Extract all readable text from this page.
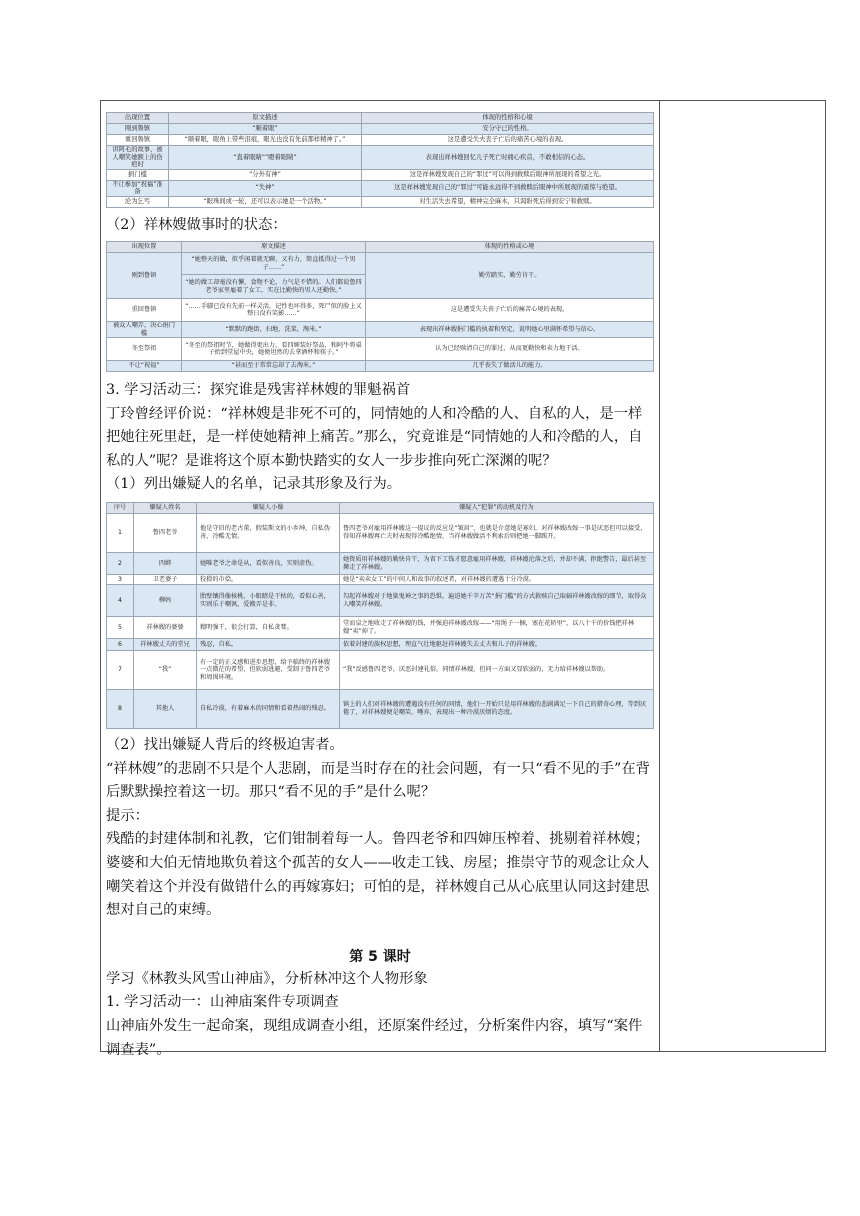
出现位置	原文描述	体现的性格和心境
刚到鲁镇	“顺着眼”	安分守已的性格。
重回鲁镇	“顺着眼，眼角上带些泪痕，眼光也没有先前那样精神了。”	这是遭受失夫丧子亡后的痛苦心境的表现。
讲阿毛的故事，被人嘲笑她额上的伤疤时	“直着眼睛”“瞪着眼睛”	表现出祥林嫂回忆儿子死亡时痛心疾首，不敢相信的心态。
捐门槛	“分外有神”	这是祥林嫂发现自己的“罪过”可以得到救赎后眼神所展现的希望之光。
不让参加“祝福”准备	“失神”	这是祥林嫂发现自己的“罪过”可能永远得不到救赎后眼神中所展现的震惊与绝望。
沦为乞丐	“眼珠间或一轮，还可以表示她是一个活物。”	对生活失去希望，精神完全麻木，只渴盼死后得到安宁和救赎。

（2）祥林嫂做事时的状态：

出现位置	原文描述	体现的性格或心境
刚到鲁镇	“她整天的做，似乎闲着就无聊，又有力，简直抵得过一个男子……”	勤劳踏实、勤劳肯干。
	“她的做工却毫没有懈，食物不论，力气是不惜的。人们都说鲁四老爷家里雇着了女工，实在比勤快的男人还勤快。”	
重回鲁镇	“……手脚已没有先前一样灵活，记性也坏得多，死尸似的脸上又整日没有笑影……”	这是遭受失夫丧子亡后的痛苦心境的表现。
被众人嘲弄，决心捐门槛	“默默的跑街，扫地，洗菜，淘米。”	表现出祥林嫂捐门槛的执着和坚定，说明她心里满怀希望与信心。
冬至祭祖	“冬至的祭祖时节，她做得更出力，看四婶装好祭品，和阿牛将桌子抬到堂屋中央，她便坦然的去拿酒杯和筷子。”	认为已经赎清自己的罪过，从而更勤快和卖力地干活。
不让“祝福”	“甚而至于常常忘却了去淘米。”	几乎丧失了做活儿的能力。

3. 学习活动三：探究谁是残害祥林嫂的罪魁祸首

丁玲曾经评价说：“祥林嫂是非死不可的，同情她的人和冷酷的人、自私的人，是一样把她往死里赶，是一样使她精神上痛苦。”那么，究竟谁是“同情她的人和冷酷的人，自私的人”呢？是谁将这个原本勤快踏实的女人一步步推向死亡深渊的呢？

（1）列出嫌疑人的名单，记录其形象及行为。

序号	嫌疑人姓名	嫌疑人小像	嫌疑人“犯罪”的动机及行为
1	鲁四老爷	他是守旧的老古董，假装斯文的小乡绅，自私伪善，冷酷无情。	鲁四老爷对雇用祥林嫂这一提议的反应是“皱眉”，也就是介意她是寡妇，对祥林嫂改嫁一事是厌恶但可以接受，得知祥林嫂再亡夫时表现得冷酷绝情，当祥林嫂做活不利索后则把她一脚踢开。
2	四婶	她唯老爷之命是从，看似善良，实则虚伪。	她资质用祥林嫂的勤快肯干，为省下工钱才愿意雇用祥林嫂，祥林嫂沦落之后，并却不满，拒绝警告，最后甚至撵走了祥林嫂。
3	卫老婆子	狡猾的市侩。	她是“卖卖女工”的中间人和故事的叙述者，对祥林嫂的遭遇十分冷漠。
4	柳妈	胎壁镶得像核桃，小眼睛是干枯的，看似心善，实则乐于嘲讽，爱搬弄是非。	勾起祥林嫂对于地狱鬼神之事的恐惧，遍迫她千辛万苦“捐门槛”的方式救赎自己取辐祥林嫂改嫁的细节，取得众人嘲笑祥林嫂。
5	祥林嫂的婆婆	精明强干，很会打算，自私贪婪。	堂而皇之地收走了祥林嫂的钱，并强迫祥林嫂改嫁——“用绳子一捆，塞在花轿里”，以八十千的价钱把祥林嫂“卖”掉了。
6	祥林嫂丈夫的堂兄	残忍，自私。	依着封建的族权思想，理直气壮地驱赶祥林嫂失去丈夫和儿子的祥林嫂。
7	“我”	有一定的正义感和进步思想，给予临终的祥林嫂一点微茫的希望，但软弱逃避，受制于鲁四老爷和周围环境。	“我”反感鲁四老爷，厌恶封建礼俗，同情祥林嫂，但同一方面又显软弱的，无力给祥林嫂以帮助。
8	其他人	自私冷漠，有着麻木的同情和看着热闹的残忍。	镇上的人们对祥林嫂的遭遇没有任何的同情，他们一开始只是用祥林嫂的悲剧满足一下自己的猎奇心理，等到厌倦了，对祥林嫂便是嘲笑、唾弃，表现出一种冷漠厌烦的态度。

（2）找出嫌疑人背后的终极迫害者。

“祥林嫂”的悲剧不只是个人悲剧，而是当时存在的社会问题，有一只“看不见的手”在背后默默操控着这一切。那只“看不见的手”是什么呢？

提示：

残酷的封建体制和礼教，它们钳制着每一人。鲁四老爷和四婶压榨着、挑剔着祥林嫂；婆婆和大伯无情地欺负着这个孤苦的女人——收走工钱、房屋；推崇守节的观念让众人嘲笑着这个并没有做错什么的再嫁寡妇；可怕的是，祥林嫂自己从心底里认同这封建思想对自己的束缚。

第 5 课时

学习《林教头风雪山神庙》，分析林冲这个人物形象

1. 学习活动一：山神庙案件专项调查

山神庙外发生一起命案，现组成调查小组，还原案件经过，分析案件内容，填写“案件调查表”。
